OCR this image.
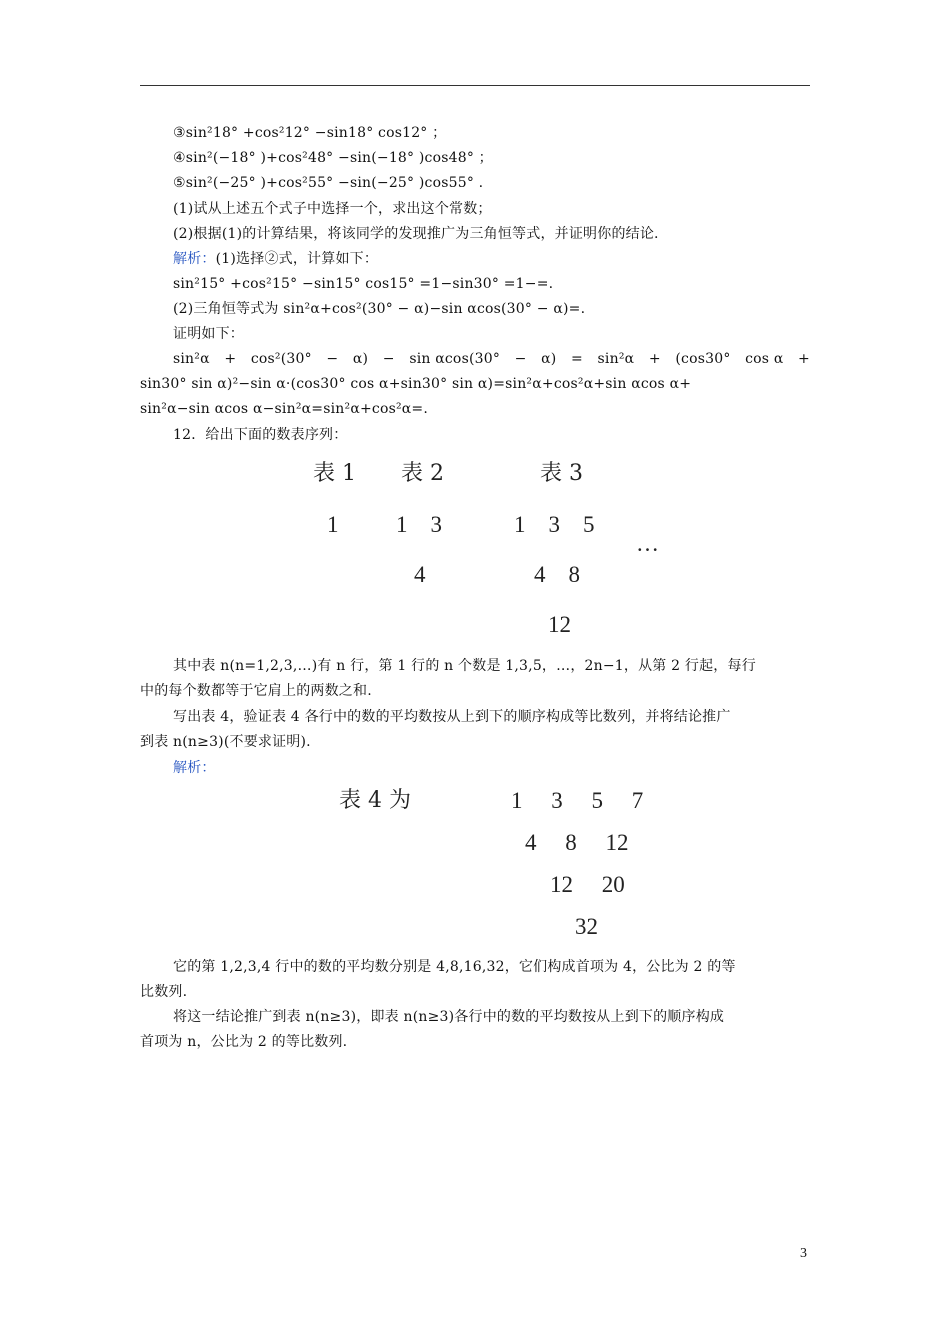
③sin²18° +cos²12° −sin18° cos12° ；
④sin²(−18° )+cos²48° −sin(−18° )cos48° ；
⑤sin²(−25° )+cos²55° −sin(−25° )cos55° .
(1)试从上述五个式子中选择一个，求出这个常数；
(2)根据(1)的计算结果，将该同学的发现推广为三角恒等式，并证明你的结论.
解析：(1)选择②式，计算如下：
sin²15° +cos²15° −sin15° cos15° =1−sin30° =1−=.
(2)三角恒等式为 sin²α+cos²(30° − α)−sin αcos(30° − α)=.
证明如下：
sin²α + cos²(30° − α) − sin αcos(30° − α) = sin²α + (cos30° cos α +
sin30° sin α)²−sin α·(cos30° cos α+sin30° sin α)=sin²α+cos²α+sin αcos α+
sin²α−sin αcos α−sin²α=sin²α+cos²α=.
12．给出下面的数表序列：
表 1 表 2	表 3
1	1    3	1    3    5
…
4	4    8
12
其中表 n(n=1,2,3,…)有 n 行，第 1 行的 n 个数是 1,3,5，…，2n−1，从第 2 行起，每行
中的每个数都等于它肩上的两数之和.
写出表 4，验证表 4 各行中的数的平均数按从上到下的顺序构成等比数列，并将结论推广
到表 n(n≥3)(不要求证明).
解析：
表 4 为	1     3     5     7
4     8     12
12     20
32
它的第 1,2,3,4 行中的数的平均数分别是 4,8,16,32，它们构成首项为 4，公比为 2 的等
比数列.
将这一结论推广到表 n(n≥3)，即表 n(n≥3)各行中的数的平均数按从上到下的顺序构成
首项为 n，公比为 2 的等比数列.
3
